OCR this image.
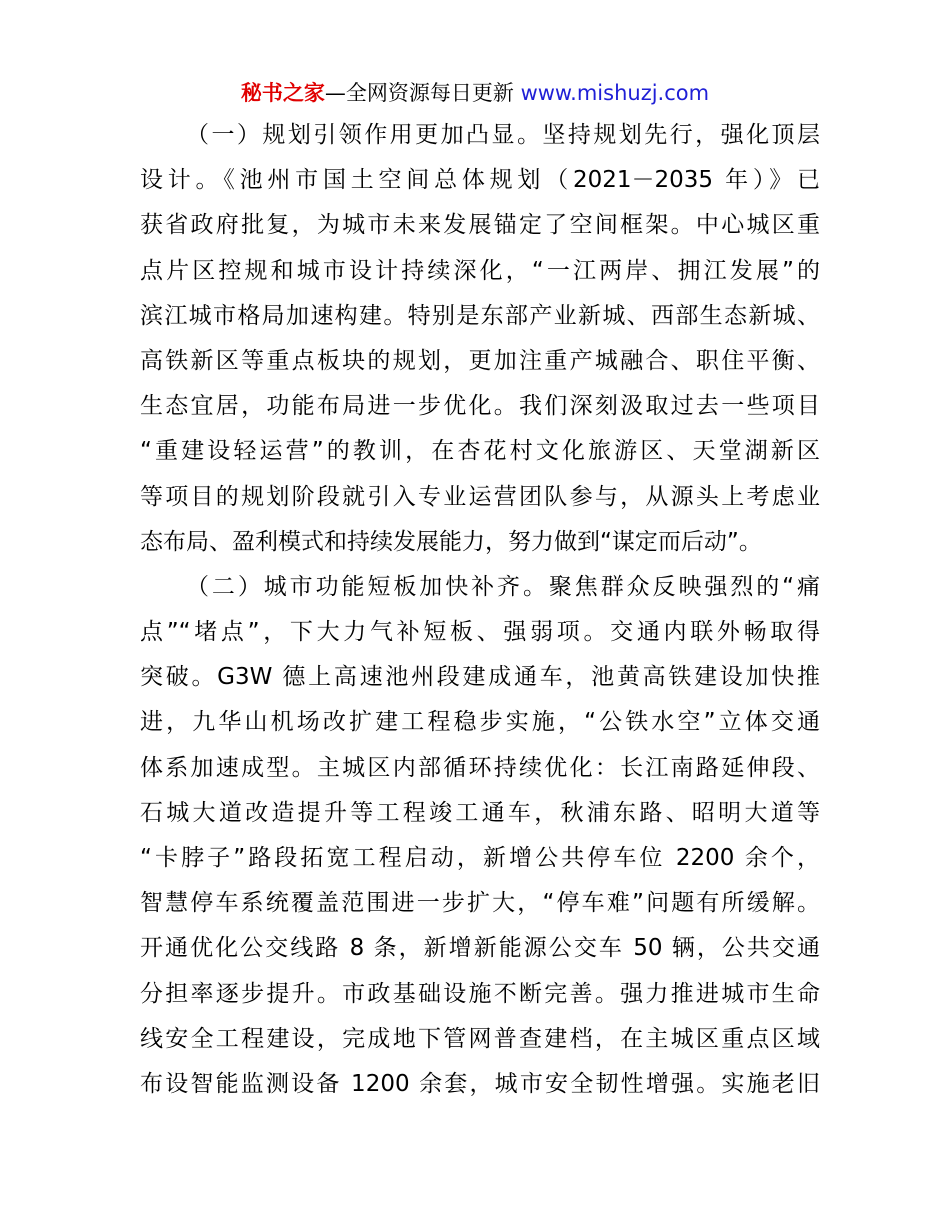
秘书之家—全网资源每日更新 www.mishuzj.com
（一）规划引领作用更加凸显。坚持规划先行，强化顶层
设计。《池州市国土空间总体规划（2021－2035 年）》已
获省政府批复，为城市未来发展锚定了空间框架。中心城区重
点片区控规和城市设计持续深化，“一江两岸、拥江发展”的
滨江城市格局加速构建。特别是东部产业新城、西部生态新城、
高铁新区等重点板块的规划，更加注重产城融合、职住平衡、
生态宜居，功能布局进一步优化。我们深刻汲取过去一些项目
“重建设轻运营”的教训，在杏花村文化旅游区、天堂湖新区
等项目的规划阶段就引入专业运营团队参与，从源头上考虑业
态布局、盈利模式和持续发展能力，努力做到“谋定而后动”。
（二）城市功能短板加快补齐。聚焦群众反映强烈的“痛
点”“堵点”，下大力气补短板、强弱项。交通内联外畅取得
突破。G3W 德上高速池州段建成通车，池黄高铁建设加快推
进，九华山机场改扩建工程稳步实施，“公铁水空”立体交通
体系加速成型。主城区内部循环持续优化：长江南路延伸段、
石城大道改造提升等工程竣工通车，秋浦东路、昭明大道等
“卡脖子”路段拓宽工程启动，新增公共停车位 2200 余个，
智慧停车系统覆盖范围进一步扩大，“停车难”问题有所缓解。
开通优化公交线路 8 条，新增新能源公交车 50 辆，公共交通
分担率逐步提升。市政基础设施不断完善。强力推进城市生命
线安全工程建设，完成地下管网普查建档，在主城区重点区域
布设智能监测设备 1200 余套，城市安全韧性增强。实施老旧
